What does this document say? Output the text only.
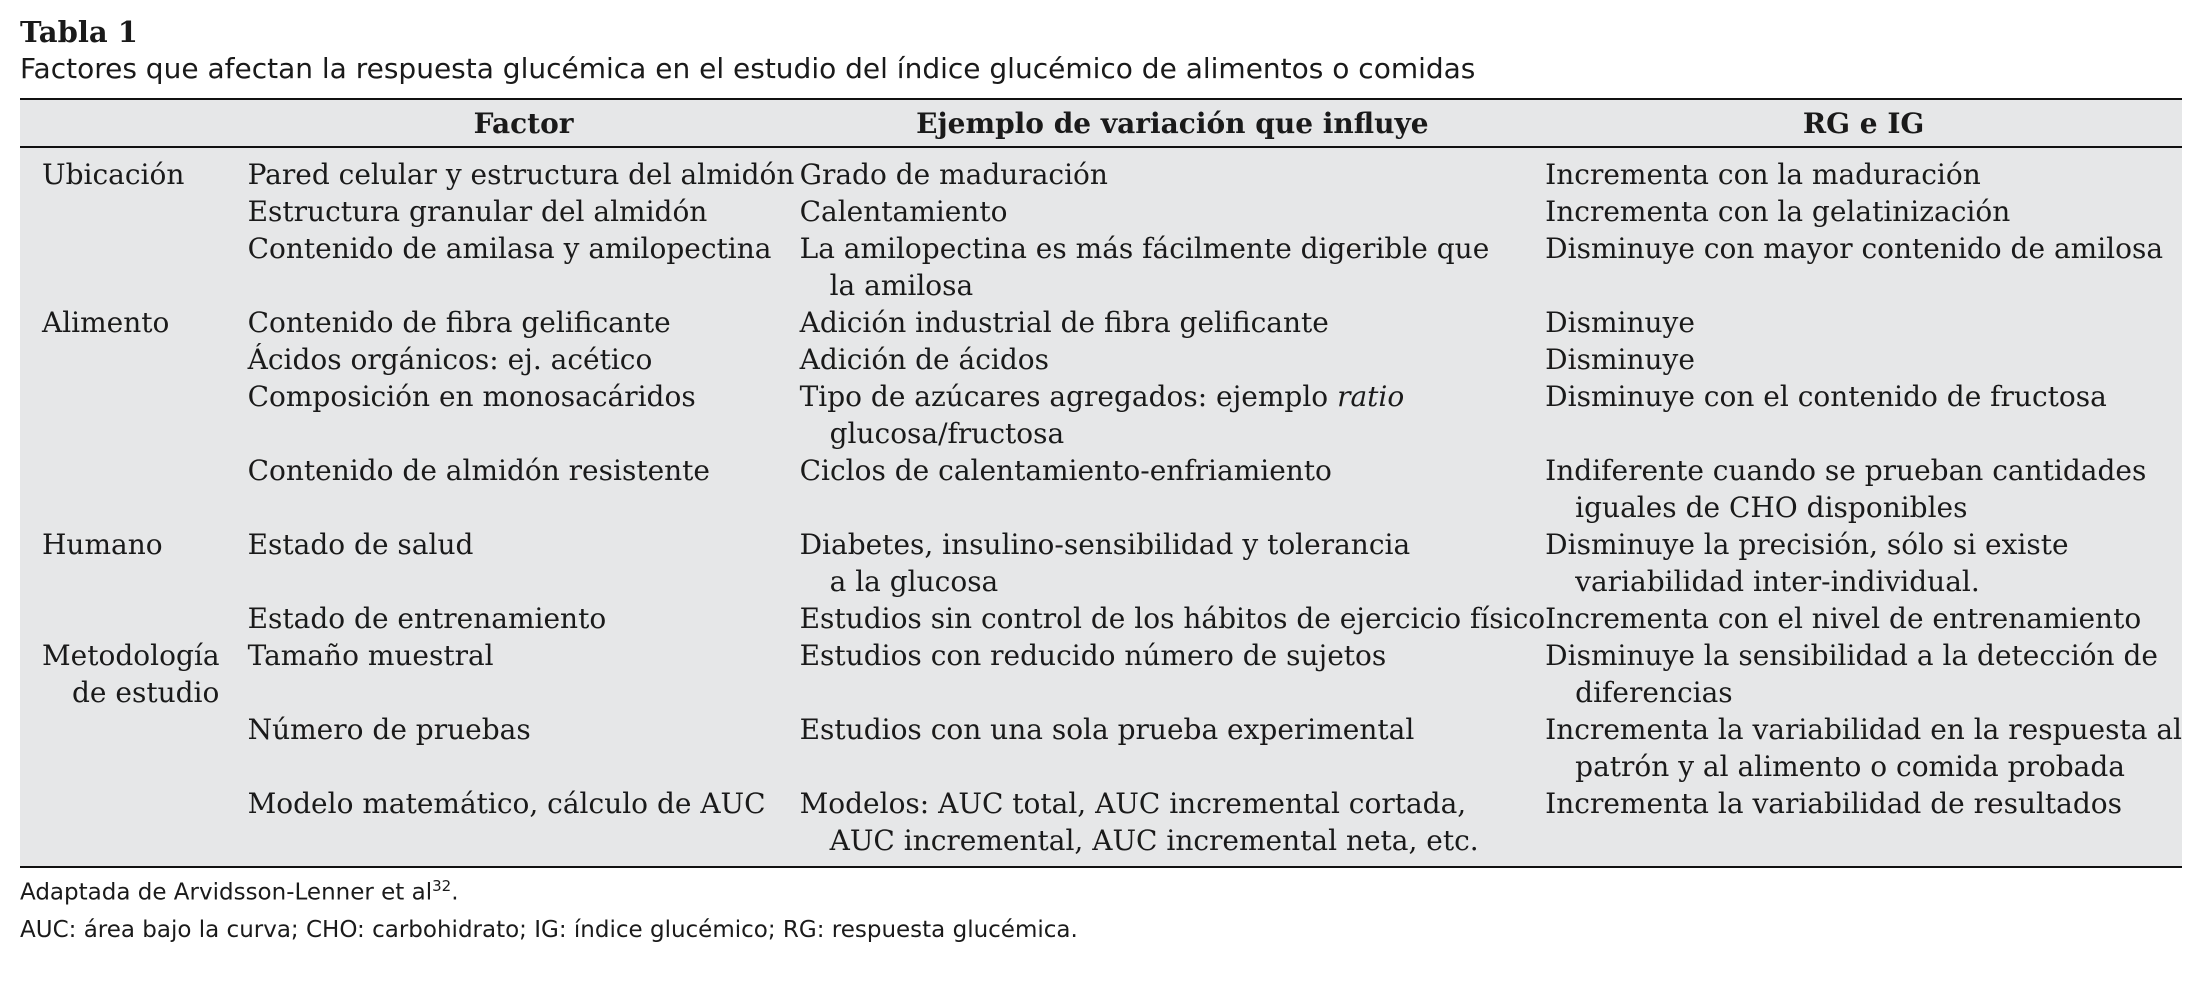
Tabla 1

Factores que afectan la respuesta glucémica en el estudio del índice glucémico de alimentos o comidas

	Factor	Ejemplo de variación que influye	RG e IG

Ubicación	Pared celular y estructura del almidón	Grado de maduración	Incrementa con la maduración

	Estructura granular del almidón	Calentamiento	Incrementa con la gelatinización

	Contenido de amilasa y amilopectina	La amilopectina es más fácilmente digerible que
la amilosa	Disminuye con mayor contenido de amilosa

Alimento	Contenido de fibra gelificante	Adición industrial de fibra gelificante	Disminuye

	Ácidos orgánicos: ej. acético	Adición de ácidos	Disminuye

	Composición en monosacáridos	Tipo de azúcares agregados: ejemplo ratio
glucosa/fructosa	Disminuye con el contenido de fructosa

	Contenido de almidón resistente	Ciclos de calentamiento-enfriamiento	Indiferente cuando se prueban cantidades
iguales de CHO disponibles

Humano	Estado de salud	Diabetes, insulino-sensibilidad y tolerancia
a la glucosa	Disminuye la precisión, sólo si existe
variabilidad inter-individual.

	Estado de entrenamiento	Estudios sin control de los hábitos de ejercicio físico	Incrementa con el nivel de entrenamiento

Metodología
de estudio	Tamaño muestral	Estudios con reducido número de sujetos	Disminuye la sensibilidad a la detección de
diferencias

	Número de pruebas	Estudios con una sola prueba experimental	Incrementa la variabilidad en la respuesta al
patrón y al alimento o comida probada

	Modelo matemático, cálculo de AUC	Modelos: AUC total, AUC incremental cortada,
AUC incremental, AUC incremental neta, etc.	Incrementa la variabilidad de resultados

Adaptada de Arvidsson-Lenner et $al^{32}$.

AUC: área bajo la curva; CHO: carbohidrato; IG: índice glucémico; RG: respuesta glucémica.
